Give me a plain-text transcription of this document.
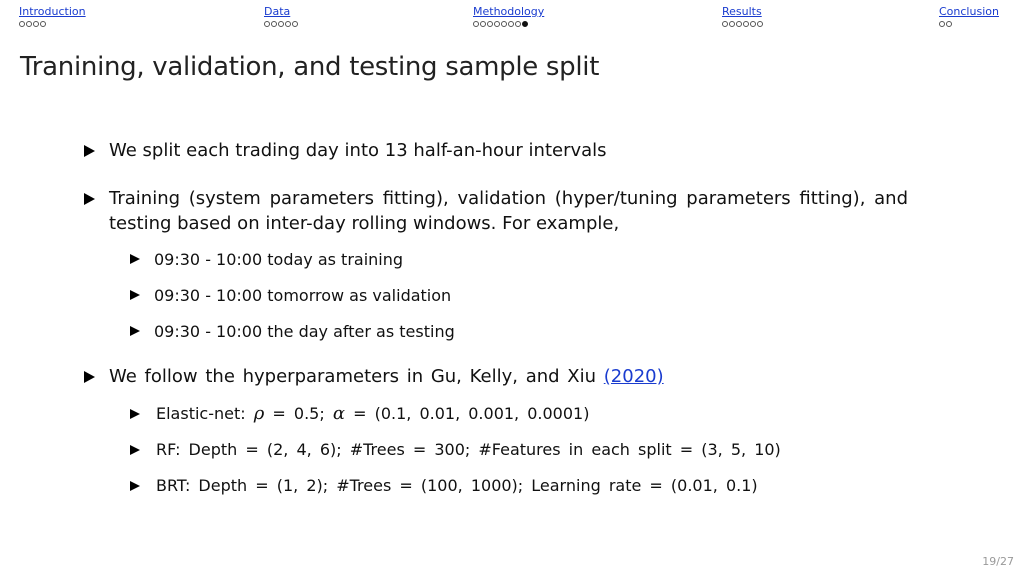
Introduction	Data	Methodology	Results	Conclusion
Tranining, validation, and testing sample split
We split each trading day into 13 half-an-hour intervals
Training (system parameters fitting), validation (hyper/tuning parameters fitting), and
testing based on inter-day rolling windows. For example,
09:30 - 10:00 today as training
09:30 - 10:00 tomorrow as validation
09:30 - 10:00 the day after as testing
We follow the hyperparameters in Gu, Kelly, and Xiu (2020)
Elastic-net: ρ = 0.5; α = (0.1, 0.01, 0.001, 0.0001)
RF: Depth = (2, 4, 6); #Trees = 300; #Features in each split = (3, 5, 10)
BRT: Depth = (1, 2); #Trees = (100, 1000); Learning rate = (0.01, 0.1)
19/27
